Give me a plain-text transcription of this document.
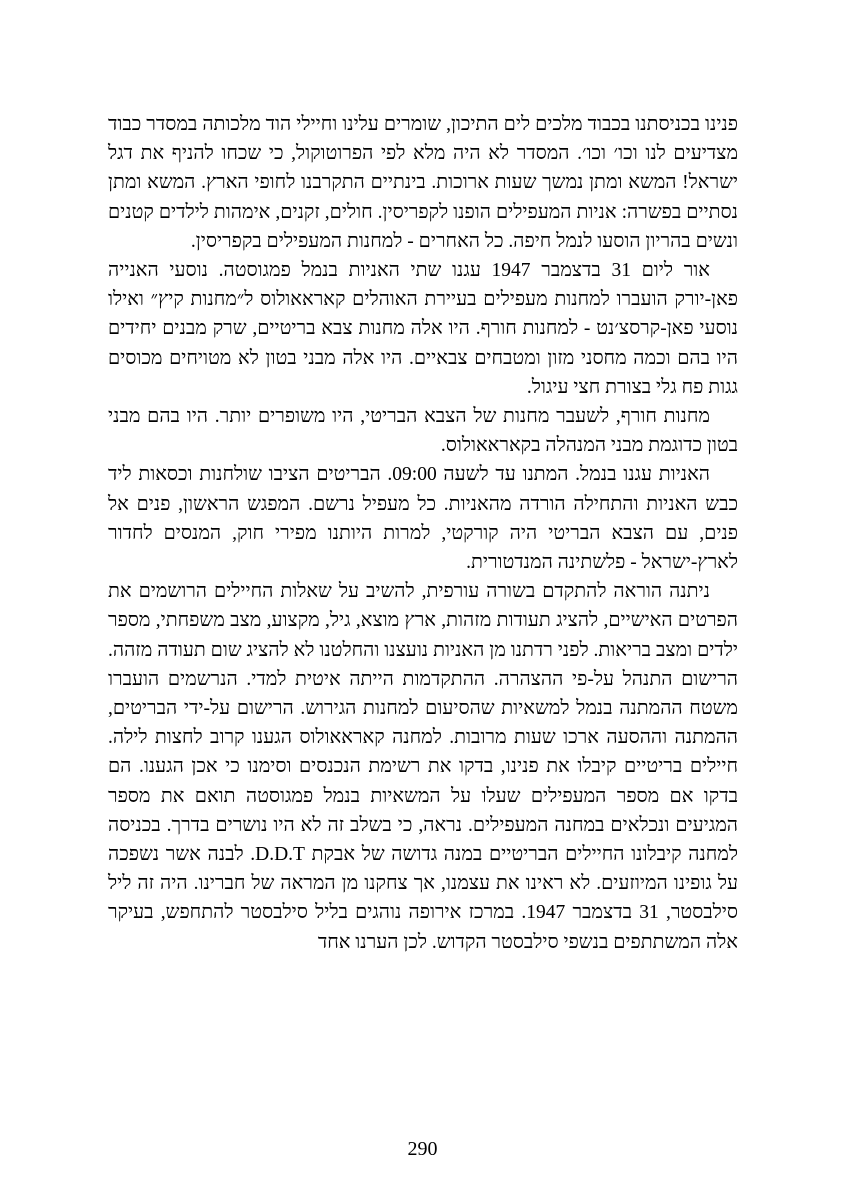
פנינו בכניסתנו בכבוד מלכים לים התיכון, שומרים עלינו וחיילי הוד מלכותה במסדר כבוד מצדיעים לנו וכו׳ וכו׳. המסדר לא היה מלא לפי הפרוטוקול, כי שכחו להניף את דגל ישראל! המשא ומתן נמשך שעות ארוכות. בינתיים התקרבנו לחופי הארץ. המשא ומתן נסתיים בפשרה: אניות המעפילים הופנו לקפריסין. חולים, זקנים, אימהות לילדים קטנים ונשים בהריון הוסעו לנמל חיפה. כל האחרים - למחנות המעפילים בקפריסין.

אור ליום 31 בדצמבר 1947 עגנו שתי האניות בנמל פמגוסטה. נוסעי האנייה פאן-יורק הועברו למחנות מעפילים בעיירת האוהלים קאראאולוס ל״מחנות קיץ״ ואילו נוסעי פאן-קרסצ׳נט - למחנות חורף. היו אלה מחנות צבא בריטיים, שרק מבנים יחידים היו בהם וכמה מחסני מזון ומטבחים צבאיים. היו אלה מבני בטון לא מטויחים מכוסים גגות פח גלי בצורת חצי עיגול.

מחנות חורף, לשעבר מחנות של הצבא הבריטי, היו משופרים יותר. היו בהם מבני בטון כדוגמת מבני המנהלה בקאראאולוס.

האניות עגנו בנמל. המתנו עד לשעה 09:00. הבריטים הציבו שולחנות וכסאות ליד כבש האניות והתחילה הורדה מהאניות. כל מעפיל נרשם. המפגש הראשון, פנים אל פנים, עם הצבא הבריטי היה קורקטי, למרות היותנו מפירי חוק, המנסים לחדור לארץ-ישראל - פלשתינה המנדטורית.

ניתנה הוראה להתקדם בשורה עורפית, להשיב על שאלות החיילים הרושמים את הפרטים האישיים, להציג תעודות מזהות, ארץ מוצא, גיל, מקצוע, מצב משפחתי, מספר ילדים ומצב בריאות. לפני רדתנו מן האניות נועצנו והחלטנו לא להציג שום תעודה מזהה. הרישום התנהל על-פי ההצהרה. ההתקדמות הייתה איטית למדי. הנרשמים הועברו משטח ההמתנה בנמל למשאיות שהסיעום למחנות הגירוש. הרישום על-ידי הבריטים, ההמתנה וההסעה ארכו שעות מרובות. למחנה קאראאולוס הגענו קרוב לחצות לילה. חיילים בריטיים קיבלו את פנינו, בדקו את רשימת הנכנסים וסימנו כי אכן הגענו. הם בדקו אם מספר המעפילים שעלו על המשאיות בנמל פמגוסטה תואם את מספר המגיעים ונכלאים במחנה המעפילים. נראה, כי בשלב זה לא היו נושרים בדרך. בכניסה למחנה קיבלונו החיילים הבריטיים במנה גדושה של אבקת D.D.T. לבנה אשר נשפכה על גופינו המיוזעים. לא ראינו את עצמנו, אך צחקנו מן המראה של חברינו. היה זה ליל סילבסטר, 31 בדצמבר 1947. במרכז אירופה נוהגים בליל סילבסטר להתחפש, בעיקר אלה המשתתפים בנשפי סילבסטר הקדוש. לכן הערנו אחד

290
